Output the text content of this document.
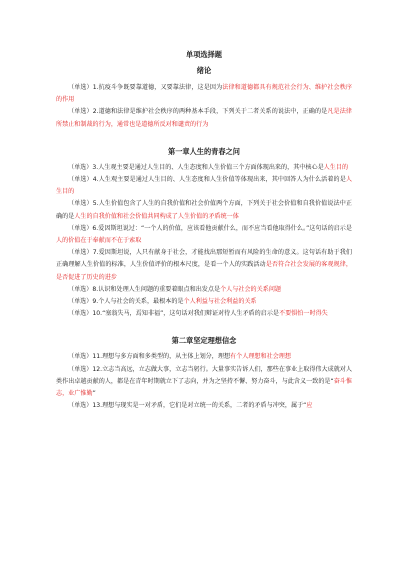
单项选择题
绪论
（单选）1.抗疫斗争既要靠道德，又要靠法律，这是因为法律和道德都具有规范社会行为、维护社会秩序的作用
（单选）2.道德和法律是维护社会秩序的两种基本手段，下列关于二者关系的说法中，正确的是凡是法律所禁止和制裁的行为，通常也是道德所反对和谴责的行为
第一章人生的青春之问
（单选）3.人生观主要是通过人生目的、人生态度和人生价值三个方面体现出来的，其中核心是人生目的
（单选）4.人生观主要是通过人生目的、人生态度和人生价值等体现出来，其中回答人为什么活着的是人生目的
（单选）5.人生价值包含了人生的自我价值和社会价值两个方面，下列关于社会价值和自我价值说法中正确的是人生的自我价值和社会价值共同构成了人生价值的矛盾统一体
（单选）6.爱因斯坦说过：“一个人的价值，应该看他贡献什么，而不应当看他取得什么。”这句话的启示是人的价值在于奉献而不在于索取
（单选）7.爱因斯坦说，人只有献身于社会，才能找出那短暂而有风险的生命的意义。这句话有助于我们正确理解人生价值的标准，人生价值评价的根本尺度，是看一个人的实践活动是否符合社会发展的客观规律，是否促进了历史的进步
（单选）8.认识和处理人生问题的重要着眼点和出发点是个人与社会的关系问题
（单选）9.个人与社会的关系，最根本的是个人利益与社会利益的关系
（单选）10.“塞翁失马，焉知非福”，这句话对我们辩证对待人生矛盾的启示是不要惧怕一时得失
第二章坚定理想信念
（单选）11.理想与多方面和多类型的，从主体上划分，理想有个人理想和社会理想
（单选）12.立志当高远，立志做大事，立志当躬行。大量事实告诉人们，那些在事业上取得伟大成就对人类作出卓越贡献的人，都是在青年时期就立下了志向，并为之坚持不懈、努力奋斗，与此含义一致的是“奋斗惟志，业广惟勤”
（单选）13.理想与现实是一对矛盾，它们是对立统一的关系，二者的矛盾与冲突，属于“应
